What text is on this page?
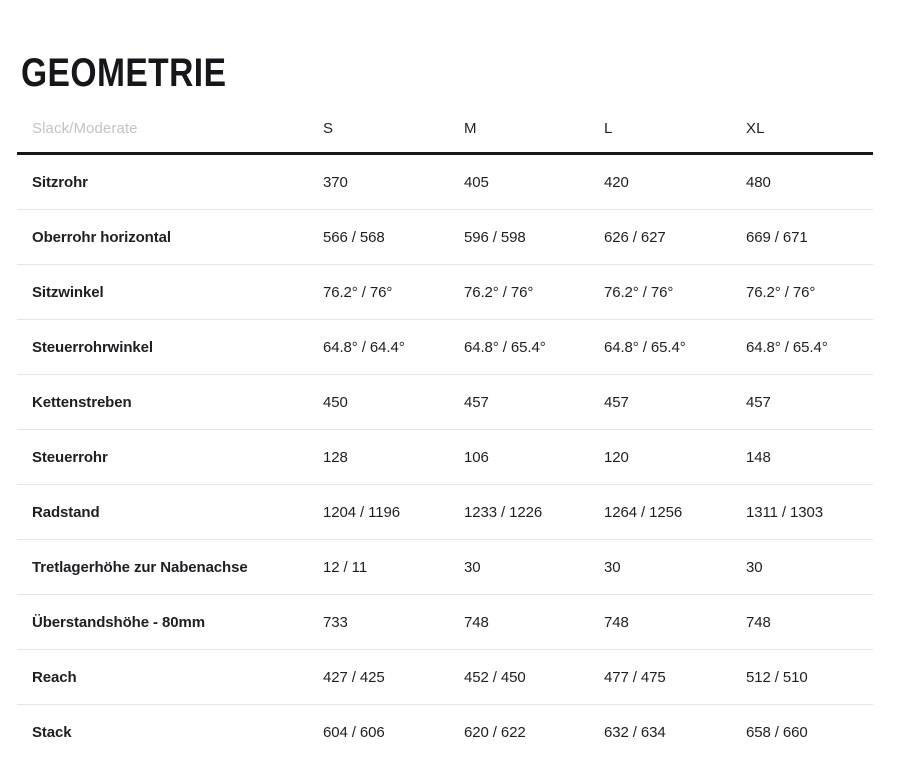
GEOMETRIE
Slack/Moderate	S	M	L	XL
Sitzrohr	370	405	420	480
Oberrohr horizontal	566 / 568	596 / 598	626 / 627	669 / 671
Sitzwinkel	76.2° / 76°	76.2° / 76°	76.2° / 76°	76.2° / 76°
Steuerrohrwinkel	64.8° / 64.4°	64.8° / 65.4°	64.8° / 65.4°	64.8° / 65.4°
Kettenstreben	450	457	457	457
Steuerrohr	128	106	120	148
Radstand	1204 / 1196	1233 / 1226	1264 / 1256	1311 / 1303
Tretlagerhöhe zur Nabenachse	12 / 11	30	30	30
Überstandshöhe - 80mm	733	748	748	748
Reach	427 / 425	452 / 450	477 / 475	512 / 510
Stack	604 / 606	620 / 622	632 / 634	658 / 660
